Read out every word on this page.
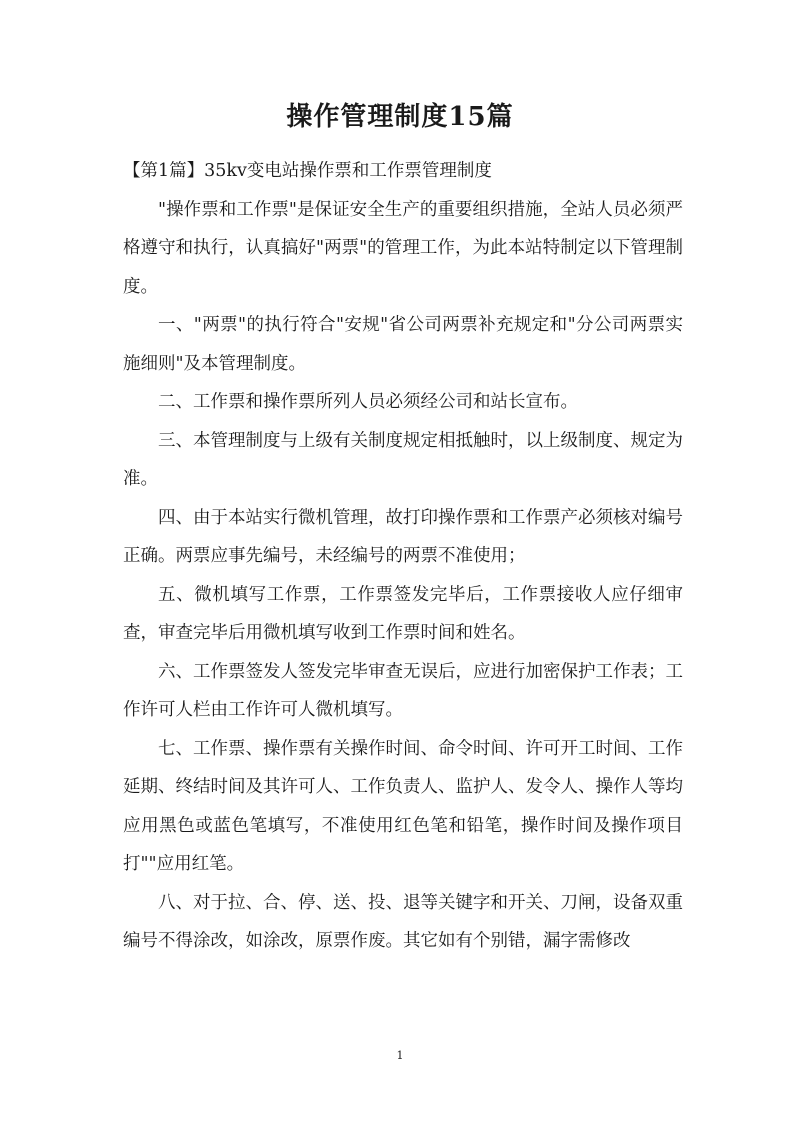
操作管理制度15篇

【第1篇】35kv变电站操作票和工作票管理制度

"操作票和工作票"是保证安全生产的重要组织措施，全站人员必须严格遵守和执行，认真搞好"两票"的管理工作，为此本站特制定以下管理制度。

一、"两票"的执行符合"安规"省公司两票补充规定和"分公司两票实施细则"及本管理制度。

二、工作票和操作票所列人员必须经公司和站长宣布。

三、本管理制度与上级有关制度规定相抵触时，以上级制度、规定为准。

四、由于本站实行微机管理，故打印操作票和工作票产必须核对编号正确。两票应事先编号，未经编号的两票不准使用；

五、微机填写工作票，工作票签发完毕后，工作票接收人应仔细审查，审查完毕后用微机填写收到工作票时间和姓名。

六、工作票签发人签发完毕审查无误后，应进行加密保护工作表；工作许可人栏由工作许可人微机填写。

七、工作票、操作票有关操作时间、命令时间、许可开工时间、工作延期、终结时间及其许可人、工作负责人、监护人、发令人、操作人等均应用黑色或蓝色笔填写，不准使用红色笔和铅笔，操作时间及操作项目打""应用红笔。

八、对于拉、合、停、送、投、退等关键字和开关、刀闸，设备双重编号不得涂改，如涂改，原票作废。其它如有个别错，漏字需修改

1
